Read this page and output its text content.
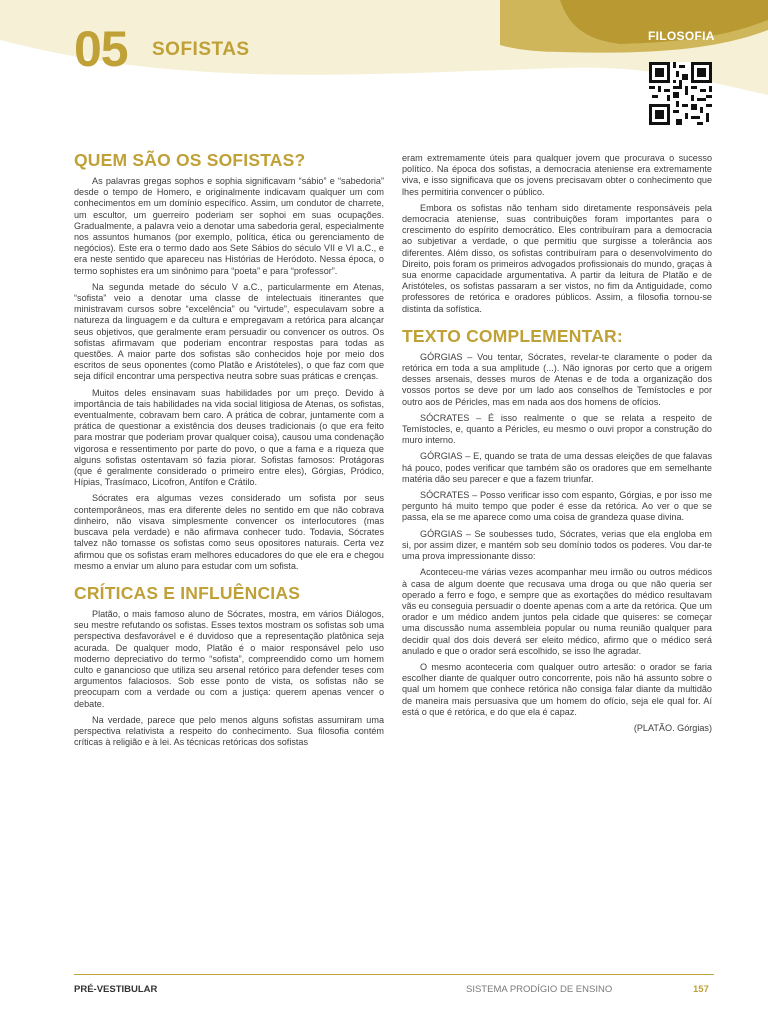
05 SOFISTAS
FILOSOFIA
QUEM SÃO OS SOFISTAS?

As palavras gregas sophos e sophia significavam “sábio” e “sabedoria” desde o tempo de Homero, e originalmente indicavam qualquer um com conhecimentos em um domínio específico. Assim, um condutor de charrete, um escultor, um guerreiro poderiam ser sophoi em suas ocupações. Gradualmente, a palavra veio a denotar uma sabedoria geral, especialmente nos assuntos humanos (por exemplo, política, ética ou gerenciamento de negócios). Este era o termo dado aos Sete Sábios do século VII e VI a.C., e era neste sentido que apareceu nas Histórias de Heródoto. Nessa época, o termo sophistes era um sinônimo para “poeta” e para “professor”.

Na segunda metade do século V a.C., particularmente em Atenas, “sofista” veio a denotar uma classe de intelectuais itinerantes que ministravam cursos sobre “excelência” ou “virtude”, especulavam sobre a natureza da linguagem e da cultura e empregavam a retórica para alcançar seus objetivos, que geralmente eram persuadir ou convencer os outros. Os sofistas afirmavam que poderiam encontrar respostas para todas as questões. A maior parte dos sofistas são conhecidos hoje por meio dos escritos de seus oponentes (como Platão e Aristóteles), o que faz com que seja difícil encontrar uma perspectiva neutra sobre suas práticas e crenças.

Muitos deles ensinavam suas habilidades por um preço. Devido à importância de tais habilidades na vida social litigiosa de Atenas, os sofistas, eventualmente, cobravam bem caro. A prática de cobrar, juntamente com a prática de questionar a existência dos deuses tradicionais (o que era feito para mostrar que poderiam provar qualquer coisa), causou uma condenação vigorosa e ressentimento por parte do povo, o que a fama e a riqueza que alguns sofistas ostentavam só fazia piorar. Sofistas famosos: Protágoras (que é geralmente considerado o primeiro entre eles), Górgias, Pródico, Hípias, Trasímaco, Licofron, Antífon e Crátilo.

Sócrates era algumas vezes considerado um sofista por seus contemporâneos, mas era diferente deles no sentido em que não cobrava dinheiro, não visava simplesmente convencer os interlocutores (mas buscava pela verdade) e não afirmava conhecer tudo. Todavia, Sócrates talvez não tomasse os sofistas como seus opositores naturais. Certa vez afirmou que os sofistas eram melhores educadores do que ele era e chegou mesmo a enviar um aluno para estudar com um sofista.

CRÍTICAS E INFLUÊNCIAS

Platão, o mais famoso aluno de Sócrates, mostra, em vários Diálogos, seu mestre refutando os sofistas. Esses textos mostram os sofistas sob uma perspectiva desfavorável e é duvidoso que a representação platônica seja acurada. De qualquer modo, Platão é o maior responsável pelo uso moderno depreciativo do termo “sofista”, compreendido como um homem culto e ganancioso que utiliza seu arsenal retórico para defender teses com argumentos falaciosos. Sob esse ponto de vista, os sofistas não se preocupam com a verdade ou com a justiça: querem apenas vencer o debate.

Na verdade, parece que pelo menos alguns sofistas assumiram uma perspectiva relativista a respeito do conhecimento. Sua filosofia contém críticas à religião e à lei. As técnicas retóricas dos sofistas

eram extremamente úteis para qualquer jovem que procurava o sucesso político. Na época dos sofistas, a democracia ateniense era extremamente viva, e isso significava que os jovens precisavam obter o conhecimento que lhes permitiria convencer o público.

Embora os sofistas não tenham sido diretamente responsáveis pela democracia ateniense, suas contribuições foram importantes para o crescimento do espírito democrático. Eles contribuíram para a democracia ao subjetivar a verdade, o que permitiu que surgisse a tolerância aos diferentes. Além disso, os sofistas contribuíram para o desenvolvimento do Direito, pois foram os primeiros advogados profissionais do mundo, graças à sua enorme capacidade argumentativa. A partir da leitura de Platão e de Aristóteles, os sofistas passaram a ser vistos, no fim da Antiguidade, como professores de retórica e oradores públicos. Assim, a filosofia tornou-se distinta da sofística.

TEXTO COMPLEMENTAR:

GÓRGIAS – Vou tentar, Sócrates, revelar-te claramente o poder da retórica em toda a sua amplitude (...). Não ignoras por certo que a origem desses arsenais, desses muros de Atenas e de toda a organização dos vossos portos se deve por um lado aos conselhos de Temístocles e por outro aos de Péricles, mas em nada aos dos homens de ofícios.

SÓCRATES – É isso realmente o que se relata a respeito de Temístocles, e, quanto a Péricles, eu mesmo o ouvi propor a construção do muro interno.

GÓRGIAS – E, quando se trata de uma dessas eleições de que falavas há pouco, podes verificar que também são os oradores que em semelhante matéria dão seu parecer e que a fazem triunfar.

SÓCRATES – Posso verificar isso com espanto, Górgias, e por isso me pergunto há muito tempo que poder é esse da retórica. Ao ver o que se passa, ela se me aparece como uma coisa de grandeza quase divina.

GÓRGIAS – Se soubesses tudo, Sócrates, verias que ela engloba em si, por assim dizer, e mantém sob seu domínio todos os poderes. Vou dar-te uma prova impressionante disso:

Aconteceu-me várias vezes acompanhar meu irmão ou outros médicos à casa de algum doente que recusava uma droga ou que não queria ser operado a ferro e fogo, e sempre que as exortações do médico resultavam vãs eu conseguia persuadir o doente apenas com a arte da retórica. Que um orador e um médico andem juntos pela cidade que quiseres: se começar uma discussão numa assembleia popular ou numa reunião qualquer para decidir qual dos dois deverá ser eleito médico, afirmo que o médico será anulado e que o orador será escolhido, se isso lhe agradar.

O mesmo aconteceria com qualquer outro artesão: o orador se faria escolher diante de qualquer outro concorrente, pois não há assunto sobre o qual um homem que conhece retórica não consiga falar diante da multidão de maneira mais persuasiva que um homem do ofício, seja ele qual for. Aí está o que é retórica, e do que ela é capaz.

(PLATÃO. Górgias)

PRÉ-VESTIBULAR	SISTEMA PRODÍGIO DE ENSINO	157
